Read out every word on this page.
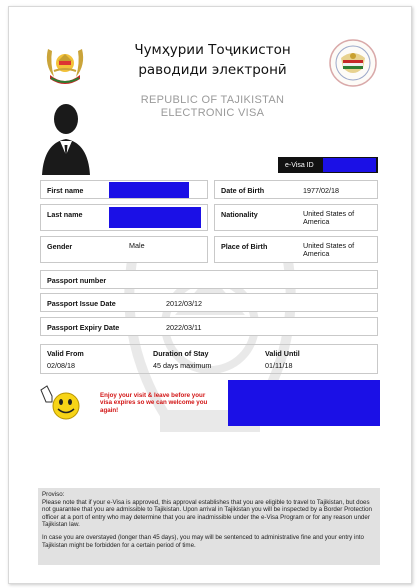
Чумҳурии Тоҷикистон
раводиди электронӣ
REPUBLIC OF TAJIKISTAN
ELECTRONIC VISA
e-Visa ID
First name
Last name
Gender	Male
Date of Birth	1977/02/18
Nationality	United States of
America
Place of Birth	United States of
America
Passport number
Passport Issue Date	2012/03/12
Passport Expiry Date	2022/03/11
Valid From
02/08/18
Duration of Stay
45 days maximum
Valid Until
01/11/18
Enjoy your visit & leave before your
visa expires so we can welcome you
again!
Proviso:

Please note that if your e-Visa is approved, this approval establishes that you are eligible to travel to Tajikistan, but does not guarantee that you are admissible to Tajikistan. Upon arrival in Tajikistan you will be inspected by a Border Protection officer at a port of entry who may determine that you are inadmissible under the e-Visa Program or for any reason under Tajikistan law.

In case you are overstayed (longer than 45 days), you may will be sentenced to administrative fine and your entry into Tajikistan might be forbidden for a certain period of time.
